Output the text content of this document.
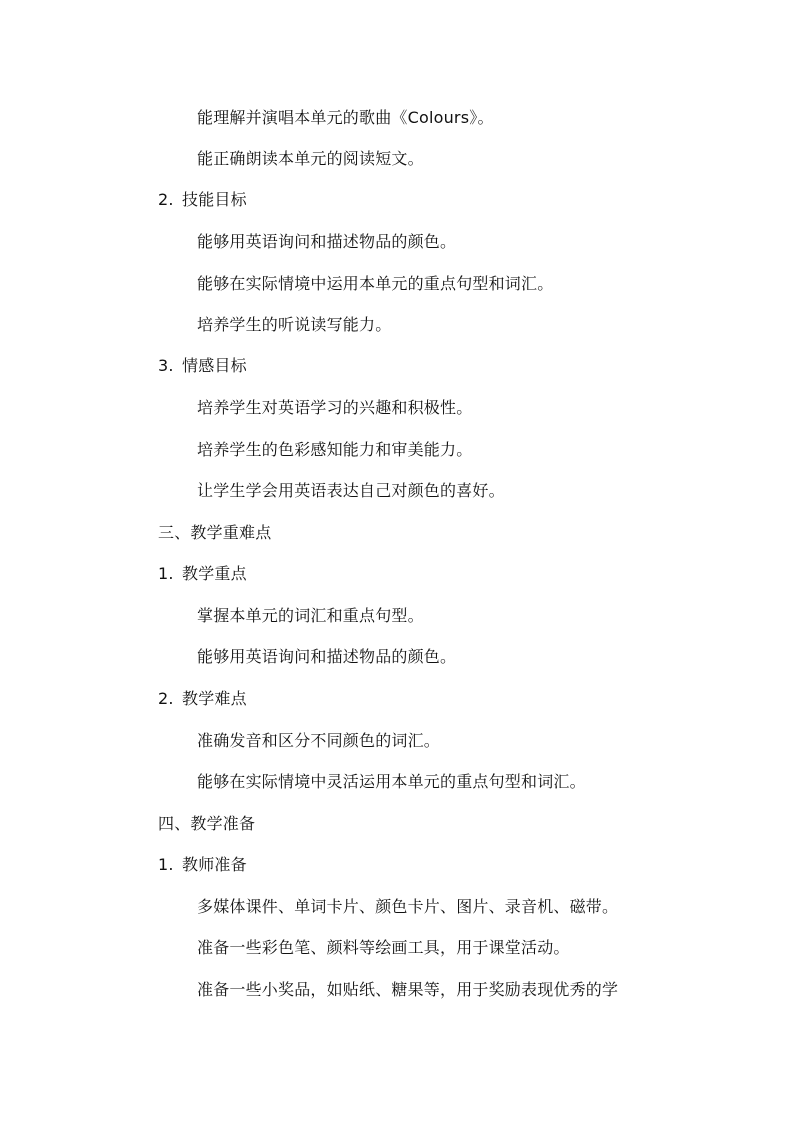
能理解并演唱本单元的歌曲《Colours》。
能正确朗读本单元的阅读短文。
2. 技能目标
能够用英语询问和描述物品的颜色。
能够在实际情境中运用本单元的重点句型和词汇。
培养学生的听说读写能力。
3. 情感目标
培养学生对英语学习的兴趣和积极性。
培养学生的色彩感知能力和审美能力。
让学生学会用英语表达自己对颜色的喜好。
三、教学重难点
1. 教学重点
掌握本单元的词汇和重点句型。
能够用英语询问和描述物品的颜色。
2. 教学难点
准确发音和区分不同颜色的词汇。
能够在实际情境中灵活运用本单元的重点句型和词汇。
四、教学准备
1. 教师准备
多媒体课件、单词卡片、颜色卡片、图片、录音机、磁带。
准备一些彩色笔、颜料等绘画工具，用于课堂活动。
准备一些小奖品，如贴纸、糖果等，用于奖励表现优秀的学
